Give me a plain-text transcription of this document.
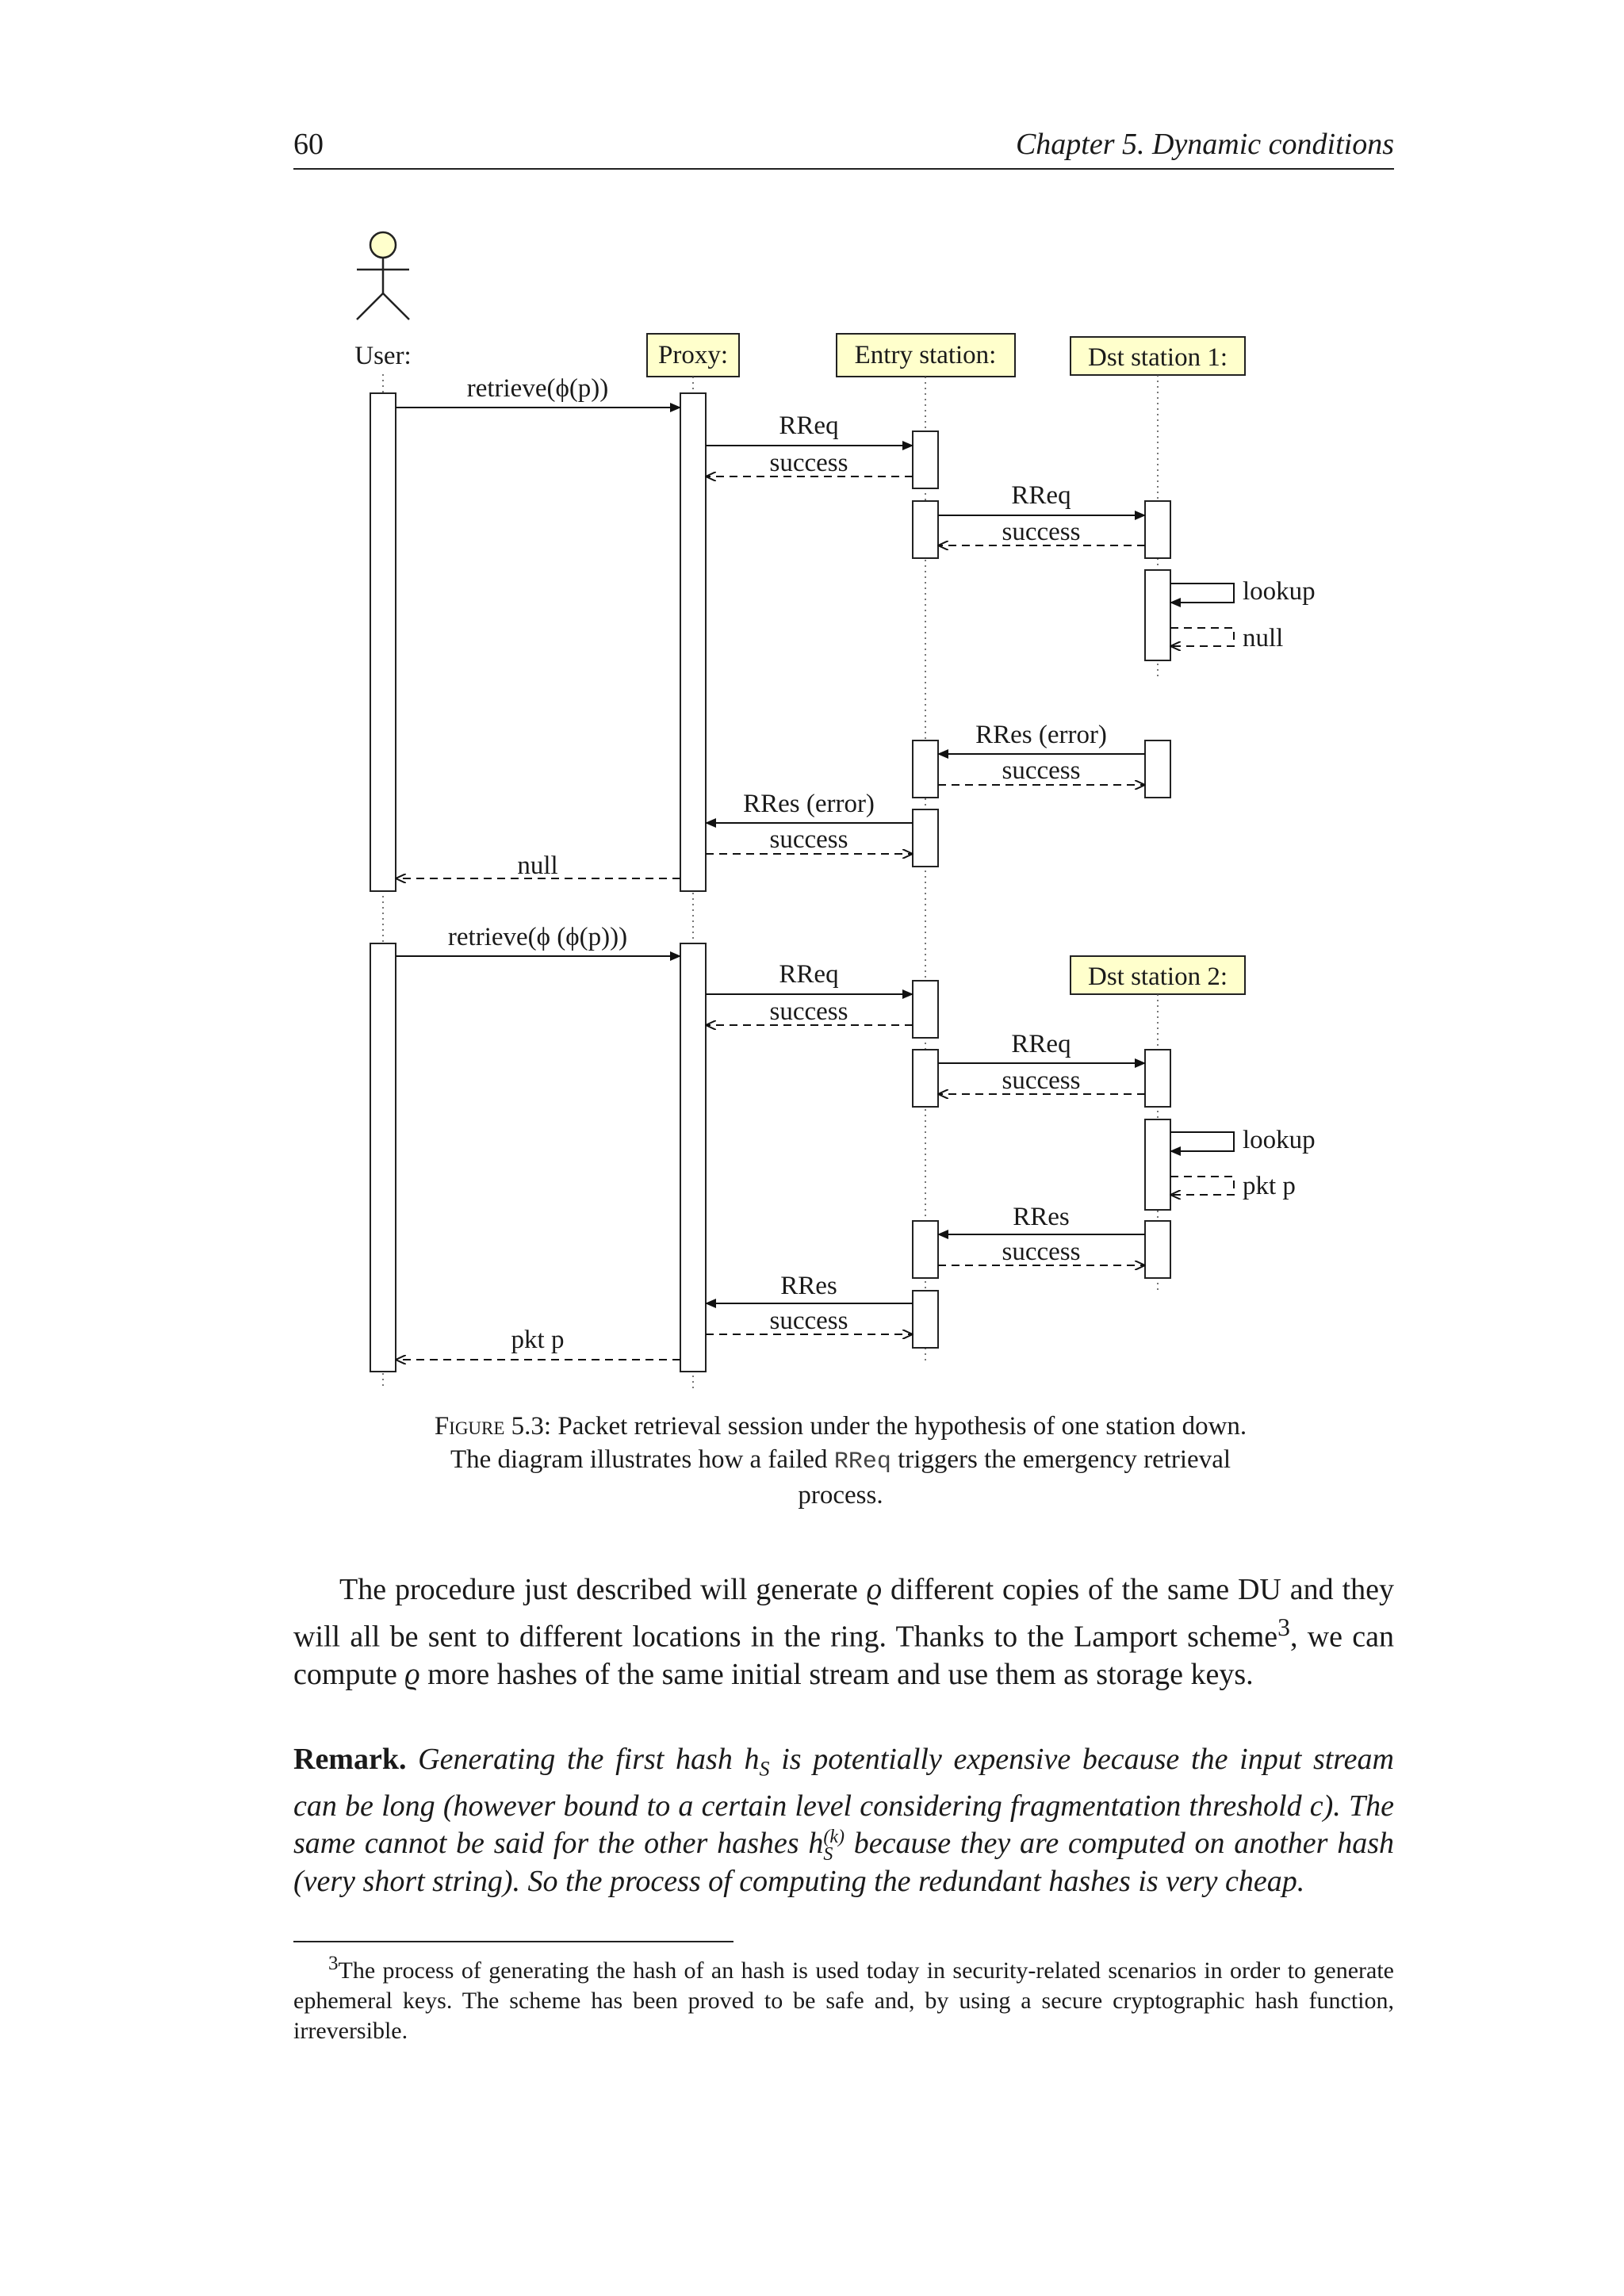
60	Chapter 5. Dynamic conditions
User:	Proxy:	Entry station:	Dst station 1:
Dst station 2:
retrieve(ϕ(p))
RReq
success
RReq
success
lookup
null
RRes (error)
success
RRes (error)
success
null
retrieve(ϕ (ϕ(p)))
RReq
success
RReq
success
lookup
pkt p
RRes
success
RRes
success
pkt p
Figure 5.3: Packet retrieval session under the hypothesis of one station down. The diagram illustrates how a failed RReq triggers the emergency retrieval process.
The procedure just described will generate ϱ different copies of the same DU and they will all be sent to different locations in the ring. Thanks to the Lamport scheme$^3$, we can compute ϱ more hashes of the same initial stream and use them as storage keys.
Remark. Generating the first hash $h_S$ is potentially expensive because the input stream can be long (however bound to a certain level considering fragmentation threshold c). The same cannot be said for the other hashes h (k)
S because they are computed on another hash (very short string). So the process of computing the redundant hashes is very cheap.
$^3$The process of generating the hash of an hash is used today in security-related scenarios in order to generate ephemeral keys. The scheme has been proved to be safe and, by using a secure cryptographic hash function, irreversible.
